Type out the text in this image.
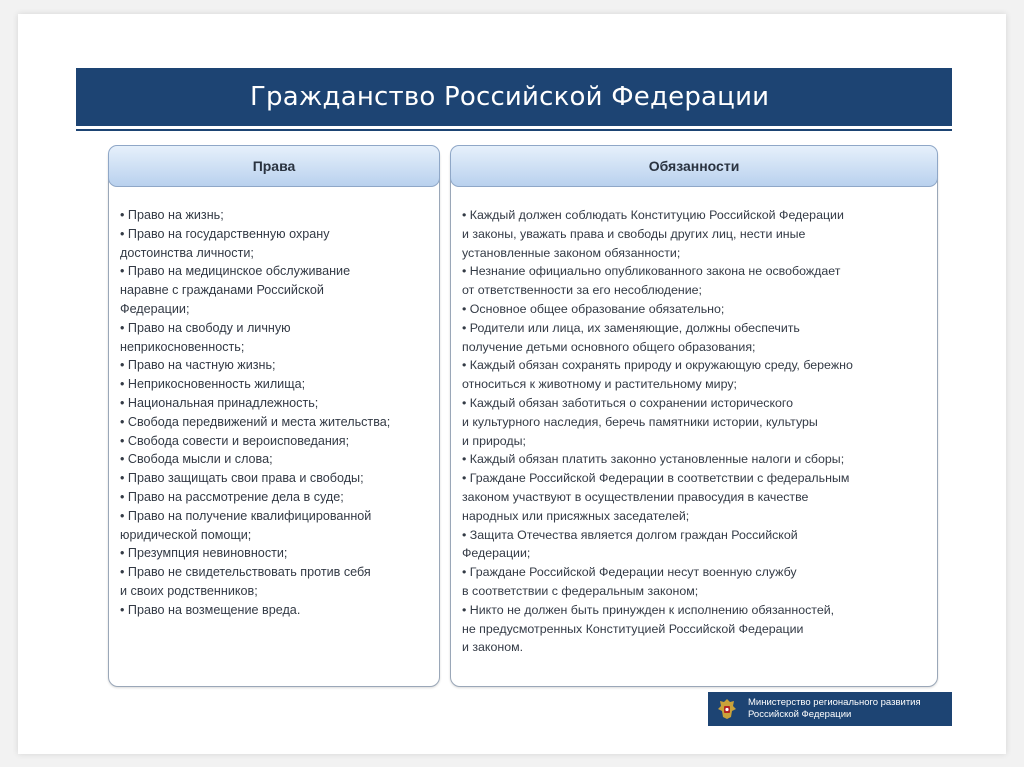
Гражданство Российской Федерации
Права
• Право на жизнь;
• Право на государственную охрану
достоинства личности;
• Право на медицинское обслуживание
наравне с гражданами Российской
Федерации;
• Право на свободу и личную
неприкосновенность;
• Право на частную жизнь;
• Неприкосновенность жилища;
• Национальная принадлежность;
• Свобода передвижений и места жительства;
• Свобода совести и вероисповедания;
• Свобода мысли и слова;
• Право защищать свои права и свободы;
• Право на рассмотрение дела в суде;
• Право на получение квалифицированной
юридической помощи;
• Презумпция невиновности;
• Право не свидетельствовать против себя
и своих родственников;
• Право на возмещение вреда.
Обязанности
• Каждый должен соблюдать Конституцию Российской Федерации
и законы, уважать права и свободы других лиц, нести иные
установленные законом обязанности;
• Незнание официально опубликованного закона не освобождает
от ответственности за его несоблюдение;
• Основное общее образование обязательно;
• Родители или лица, их заменяющие, должны обеспечить
получение детьми основного общего образования;
• Каждый обязан сохранять природу и окружающую среду, бережно
относиться к животному и растительному миру;
• Каждый обязан заботиться о сохранении исторического
и культурного наследия, беречь памятники истории, культуры
и природы;
• Каждый обязан платить законно установленные налоги и сборы;
• Граждане Российской Федерации в соответствии с федеральным
законом участвуют в осуществлении правосудия в качестве
народных или присяжных заседателей;
• Защита Отечества является долгом граждан Российской
Федерации;
• Граждане Российской Федерации несут военную службу
в соответствии с федеральным законом;
• Никто не должен быть принужден к исполнению обязанностей,
не предусмотренных Конституцией Российской Федерации
и законом.
Министерство регионального развития
Российской Федерации
